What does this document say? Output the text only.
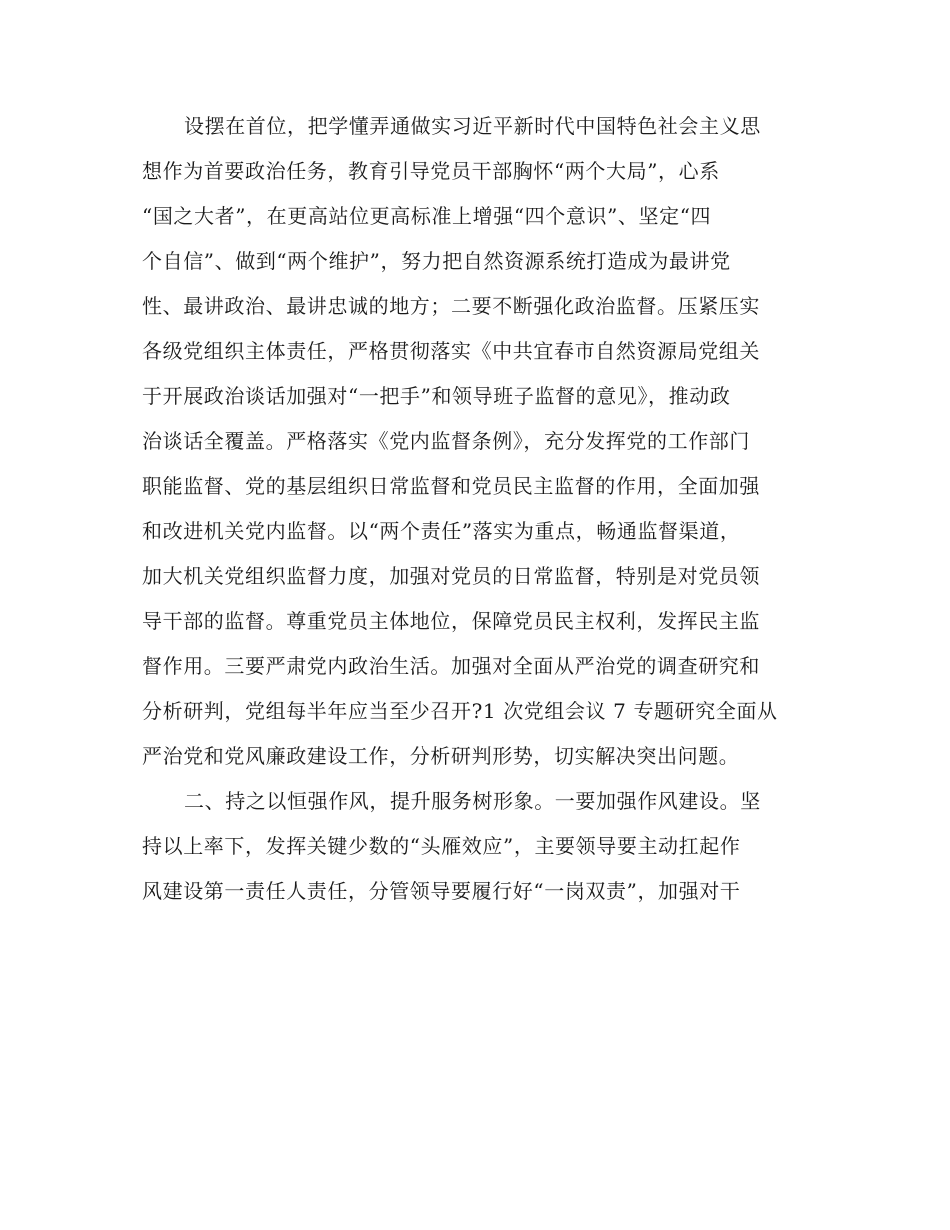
设摆在首位，把学懂弄通做实习近平新时代中国特色社会主义思
想作为首要政治任务，教育引导党员干部胸怀“两个大局”，心系
“国之大者”，在更高站位更高标准上增强“四个意识”、坚定“四
个自信”、做到“两个维护”，努力把自然资源系统打造成为最讲党
性、最讲政治、最讲忠诚的地方；二要不断强化政治监督。压紧压实
各级党组织主体责任，严格贯彻落实《中共宜春市自然资源局党组关
于开展政治谈话加强对“一把手”和领导班子监督的意见》，推动政
治谈话全覆盖。严格落实《党内监督条例》，充分发挥党的工作部门
职能监督、党的基层组织日常监督和党员民主监督的作用，全面加强
和改进机关党内监督。以“两个责任”落实为重点，畅通监督渠道，
加大机关党组织监督力度，加强对党员的日常监督，特别是对党员领
导干部的监督。尊重党员主体地位，保障党员民主权利，发挥民主监
督作用。三要严肃党内政治生活。加强对全面从严治党的调查研究和
分析研判，党组每半年应当至少召开?1 次党组会议 7 专题研究全面从
严治党和党风廉政建设工作，分析研判形势，切实解决突出问题。
二、持之以恒强作风，提升服务树形象。一要加强作风建设。坚
持以上率下，发挥关键少数的“头雁效应”，主要领导要主动扛起作
风建设第一责任人责任，分管领导要履行好“一岗双责”，加强对干
